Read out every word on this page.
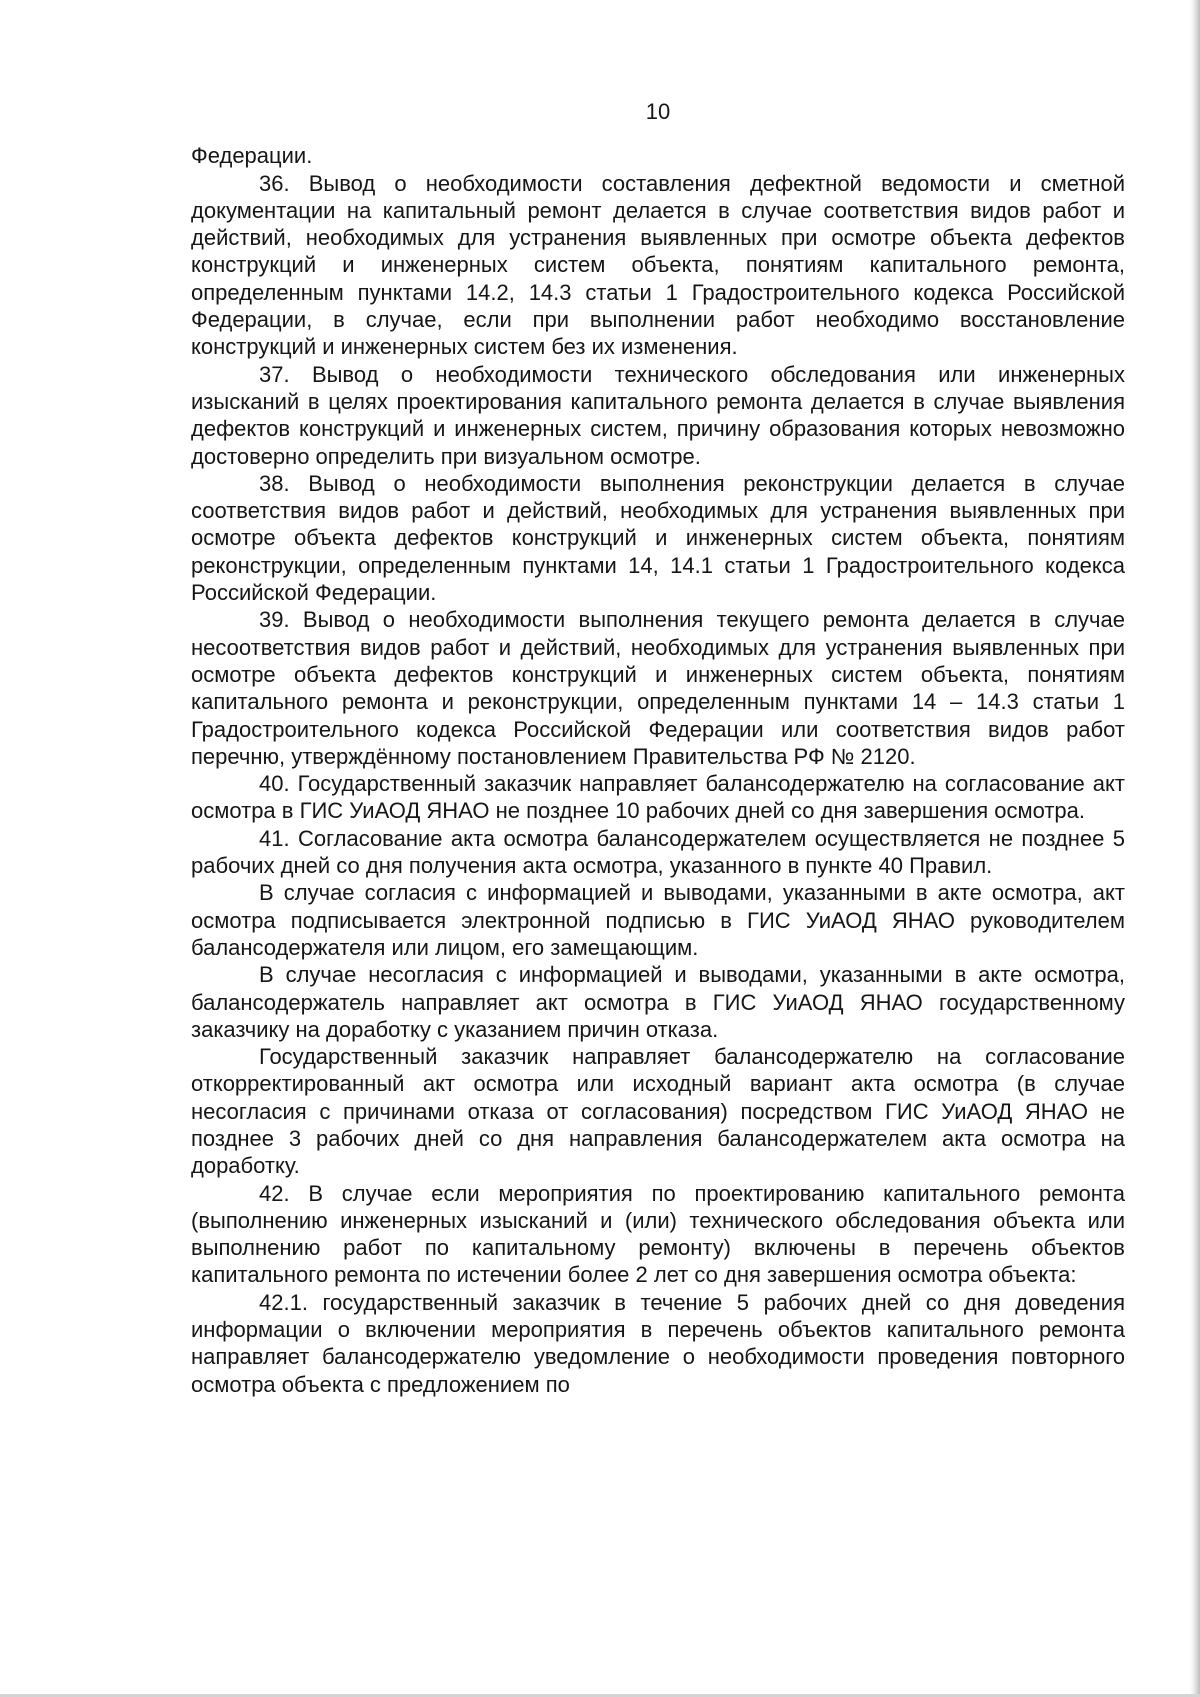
10

Федерации.

36. Вывод о необходимости составления дефектной ведомости и сметной документации на капитальный ремонт делается в случае соответствия видов работ и действий, необходимых для устранения выявленных при осмотре объекта дефектов конструкций и инженерных систем объекта, понятиям капитального ремонта, определенным пунктами 14.2, 14.3 статьи 1 Градостроительного кодекса Российской Федерации, в случае, если при выполнении работ необходимо восстановление конструкций и инженерных систем без их изменения.

37. Вывод о необходимости технического обследования или инженерных изысканий в целях проектирования капитального ремонта делается в случае выявления дефектов конструкций и инженерных систем, причину образования которых невозможно достоверно определить при визуальном осмотре.

38. Вывод о необходимости выполнения реконструкции делается в случае соответствия видов работ и действий, необходимых для устранения выявленных при осмотре объекта дефектов конструкций и инженерных систем объекта, понятиям реконструкции, определенным пунктами 14, 14.1 статьи 1 Градостроительного кодекса Российской Федерации.

39. Вывод о необходимости выполнения текущего ремонта делается в случае несоответствия видов работ и действий, необходимых для устранения выявленных при осмотре объекта дефектов конструкций и инженерных систем объекта, понятиям капитального ремонта и реконструкции, определенным пунктами 14 – 14.3 статьи 1 Градостроительного кодекса Российской Федерации или соответствия видов работ перечню, утверждённому постановлением Правительства РФ № 2120.

40. Государственный заказчик направляет балансодержателю на согласование акт осмотра в ГИС УиАОД ЯНАО не позднее 10 рабочих дней со дня завершения осмотра.

41. Согласование акта осмотра балансодержателем осуществляется не позднее 5 рабочих дней со дня получения акта осмотра, указанного в пункте 40 Правил.

В случае согласия с информацией и выводами, указанными в акте осмотра, акт осмотра подписывается электронной подписью в ГИС УиАОД ЯНАО руководителем балансодержателя или лицом, его замещающим.

В случае несогласия с информацией и выводами, указанными в акте осмотра, балансодержатель направляет акт осмотра в ГИС УиАОД ЯНАО государственному заказчику на доработку с указанием причин отказа.

Государственный заказчик направляет балансодержателю на согласование откорректированный акт осмотра или исходный вариант акта осмотра (в случае несогласия с причинами отказа от согласования) посредством ГИС УиАОД ЯНАО не позднее 3 рабочих дней со дня направления балансодержателем акта осмотра на доработку.

42. В случае если мероприятия по проектированию капитального ремонта (выполнению инженерных изысканий и (или) технического обследования объекта или выполнению работ по капитальному ремонту) включены в перечень объектов капитального ремонта по истечении более 2 лет со дня завершения осмотра объекта:

42.1. государственный заказчик в течение 5 рабочих дней со дня доведения информации о включении мероприятия в перечень объектов капитального ремонта направляет балансодержателю уведомление о необходимости проведения повторного осмотра объекта с предложением по
